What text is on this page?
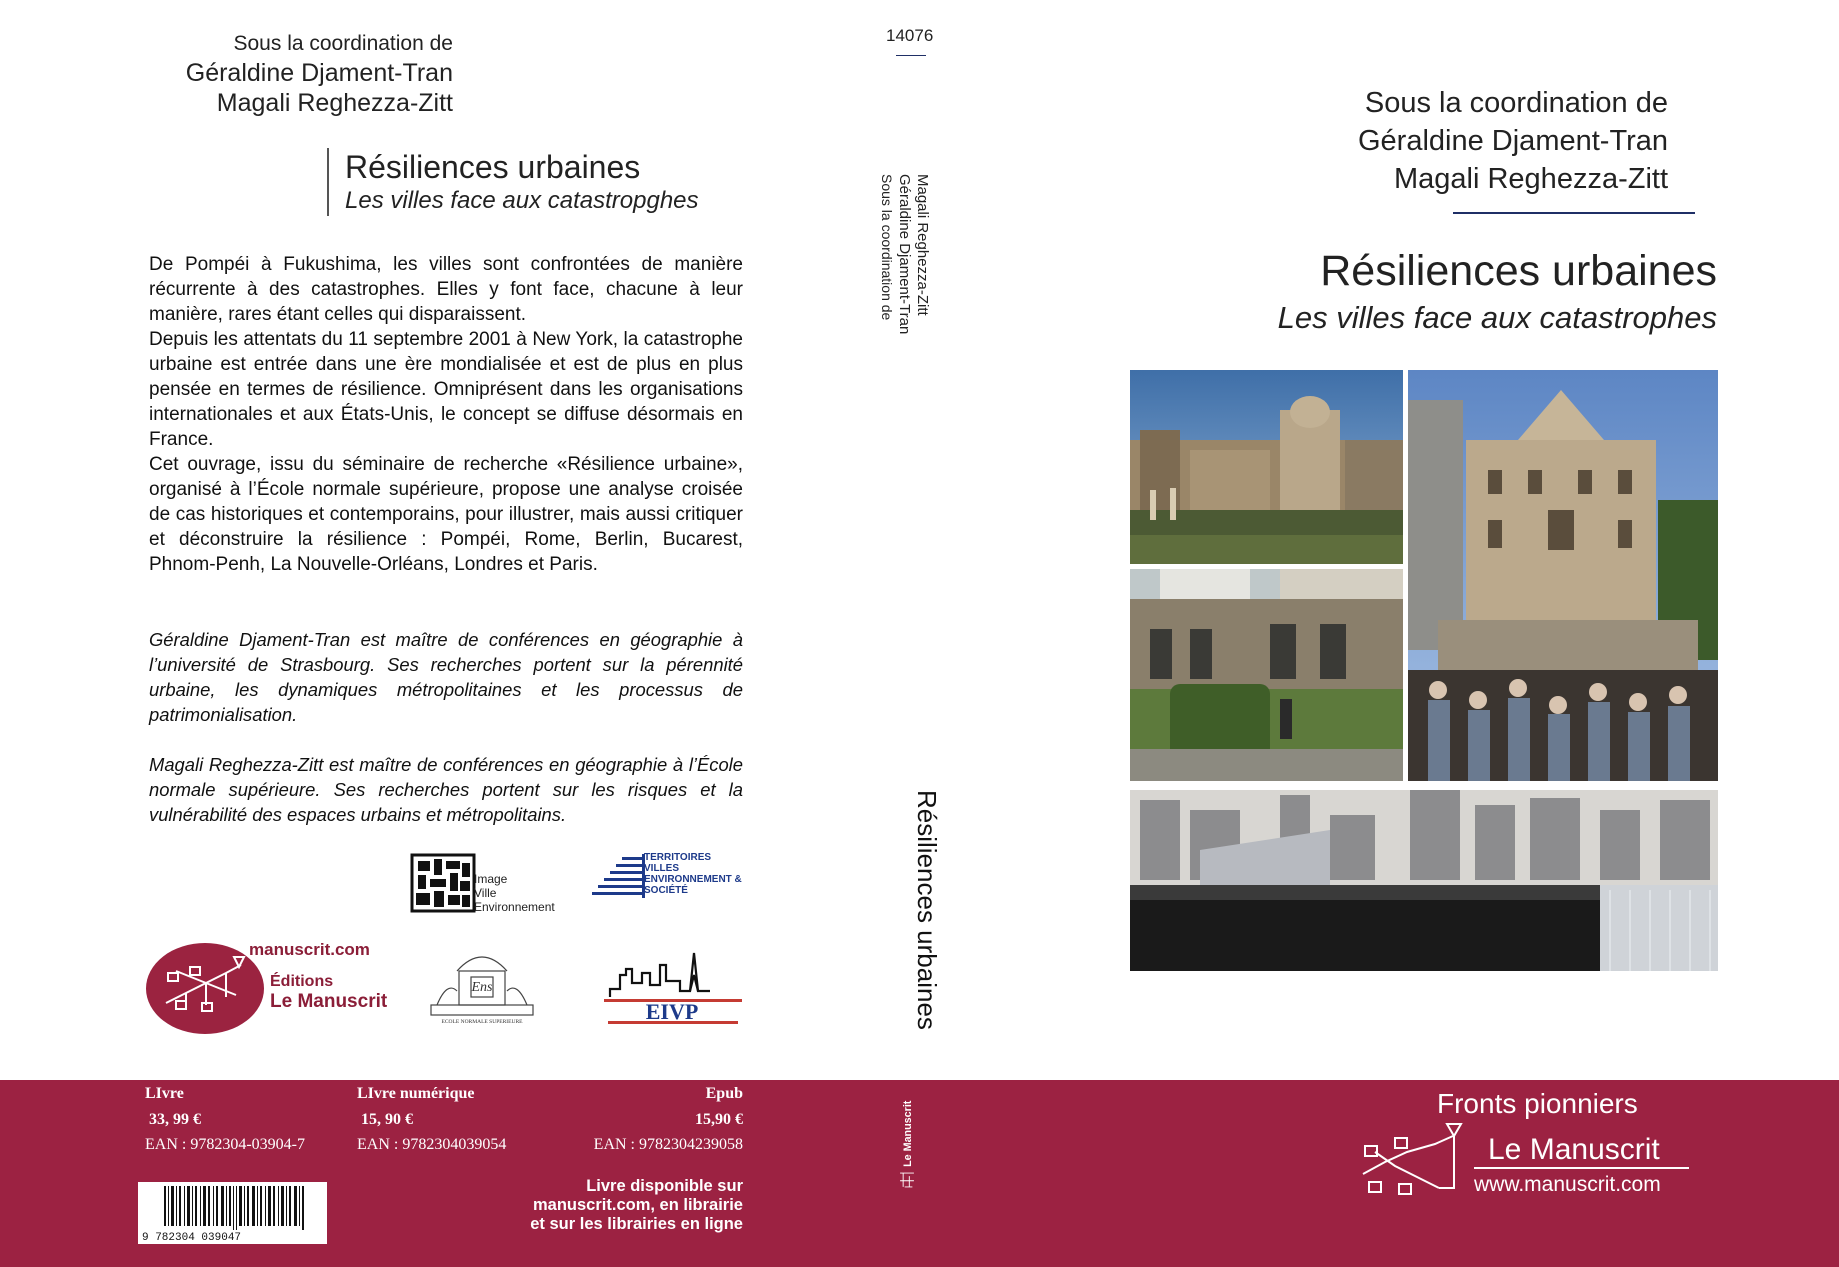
Sous la coordination de
Géraldine Djament-Tran
Magali Reghezza-Zitt
Résiliences urbaines
Les villes face aux catastropghes

De Pompéi à Fukushima, les villes sont confrontées de manière récurrente à des catastrophes. Elles y font face, chacune à leur manière, rares étant celles qui disparaissent.

Depuis les attentats du 11 septembre 2001 à New York, la catastrophe urbaine est entrée dans une ère mondialisée et est de plus en plus pensée en termes de résilience. Omniprésent dans les organisations internationales et aux États-Unis, le concept se diffuse désormais en France.

Cet ouvrage, issu du séminaire de recherche «Résilience urbaine», organisé à l’École normale supérieure, propose une analyse croisée de cas historiques et contemporains, pour illustrer, mais aussi critiquer et déconstruire la résilience : Pompéi, Rome, Berlin, Bucarest, Phnom-Penh, La Nouvelle-Orléans, Londres et Paris.

Géraldine Djament-Tran est maître de conférences en géographie à l’université de Strasbourg. Ses recherches portent sur la pérennité urbaine, les dynamiques métropolitaines et les processus de patrimonialisation.

Magali Reghezza-Zitt est maître de conférences en géographie à l’École normale supérieure. Ses recherches portent sur les risques et la vulnérabilité des espaces urbains et métropolitains.

Image
Ville
Environnement
TERRITOIRES
VILLES
ENVIRONNEMENT &
SOCIÉTÉ
manuscrit.com
Éditions
Le Manuscrit
Ens
ECOLE NORMALE SUPERIEURE	EIVP
14076
Sous la coordination de Géraldine Djament-Tran Magali Reghezza-Zitt
Résiliences urbaines
Le Manuscrit
Sous la coordination de
Géraldine Djament-Tran
Magali Reghezza-Zitt
Résiliences urbaines
Les villes face aux catastrophes
LIvre
33, 99 €
EAN : 9782304-03904-7
LIvre numérique
15, 90 €
EAN : 9782304039054
Epub
15,90 €
EAN : 9782304239058
9 782304 039047
Livre disponible sur
manuscrit.com, en librairie
et sur les librairies en ligne
Fronts pionniers
Le Manuscrit
www.manuscrit.com
